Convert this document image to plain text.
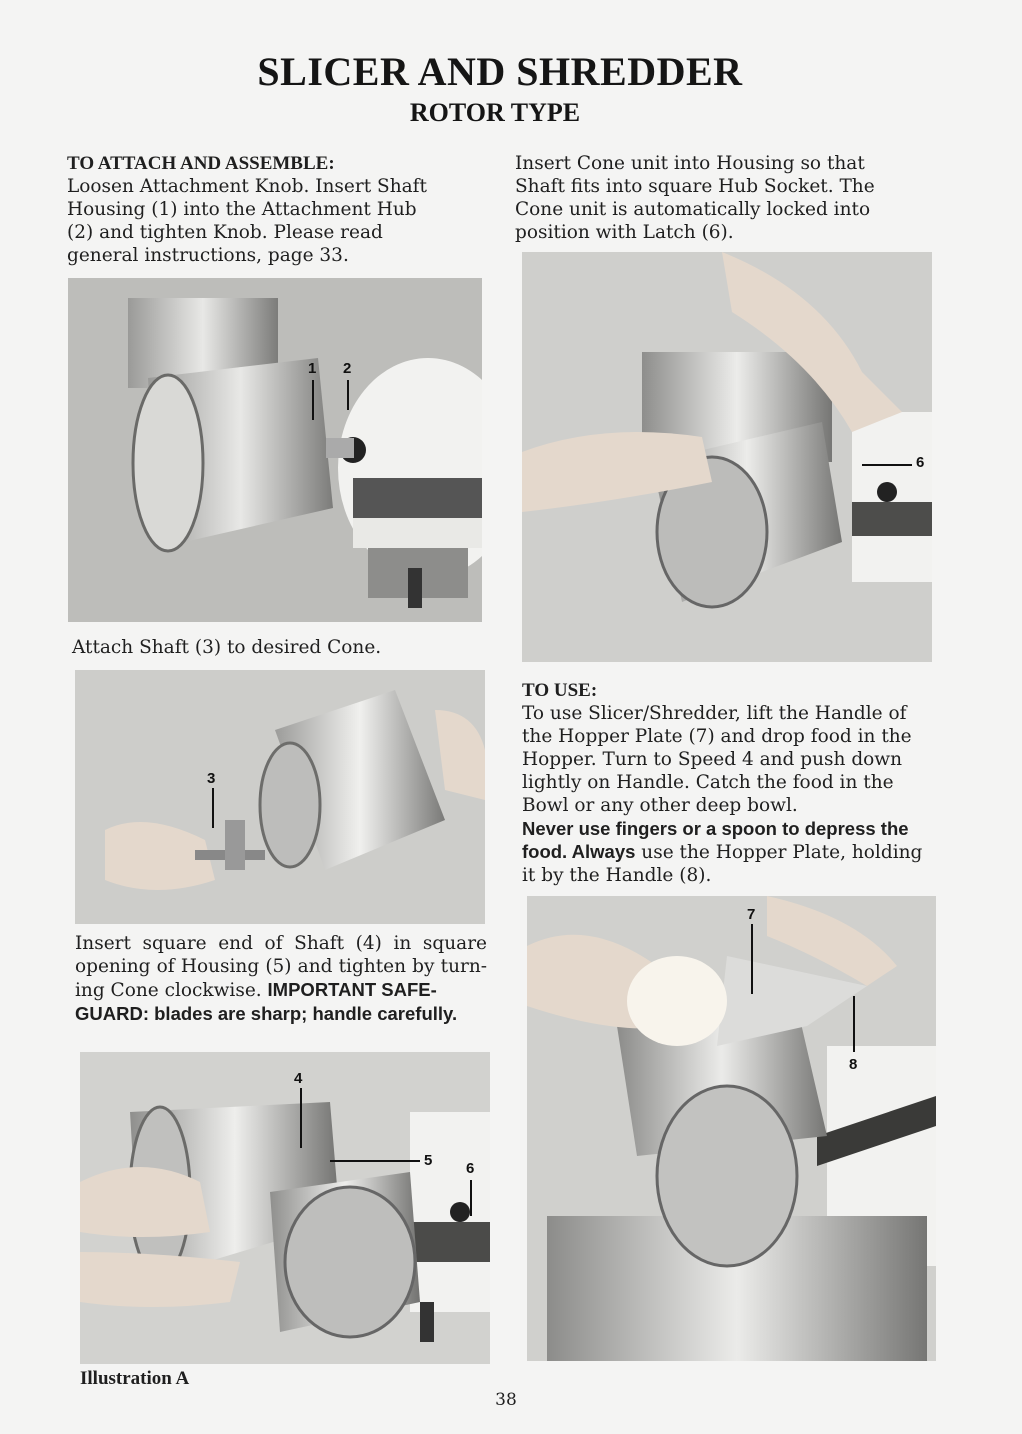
SLICER AND SHREDDER
ROTOR TYPE
TO ATTACH AND ASSEMBLE:
Loosen Attachment Knob. Insert Shaft
Housing (1) into the Attachment Hub
(2) and tighten Knob. Please read
general instructions, page 33.
Insert Cone unit into Housing so that
Shaft fits into square Hub Socket. The
Cone unit is automatically locked into
position with Latch (6).
1 2
6
Attach Shaft (3) to desired Cone.
3
Insert square end of Shaft (4) in square
opening of Housing (5) and tighten by turn-
ing Cone clockwise. IMPORTANT SAFE-
GUARD: blades are sharp; handle carefully.
4
5 6
TO USE:
To use Slicer/Shredder, lift the Handle of
the Hopper Plate (7) and drop food in the
Hopper. Turn to Speed 4 and push down
lightly on Handle. Catch the food in the
Bowl or any other deep bowl.
Never use fingers or a spoon to depress the
food. Always use the Hopper Plate, holding
it by the Handle (8).
7
8
Illustration A
38
